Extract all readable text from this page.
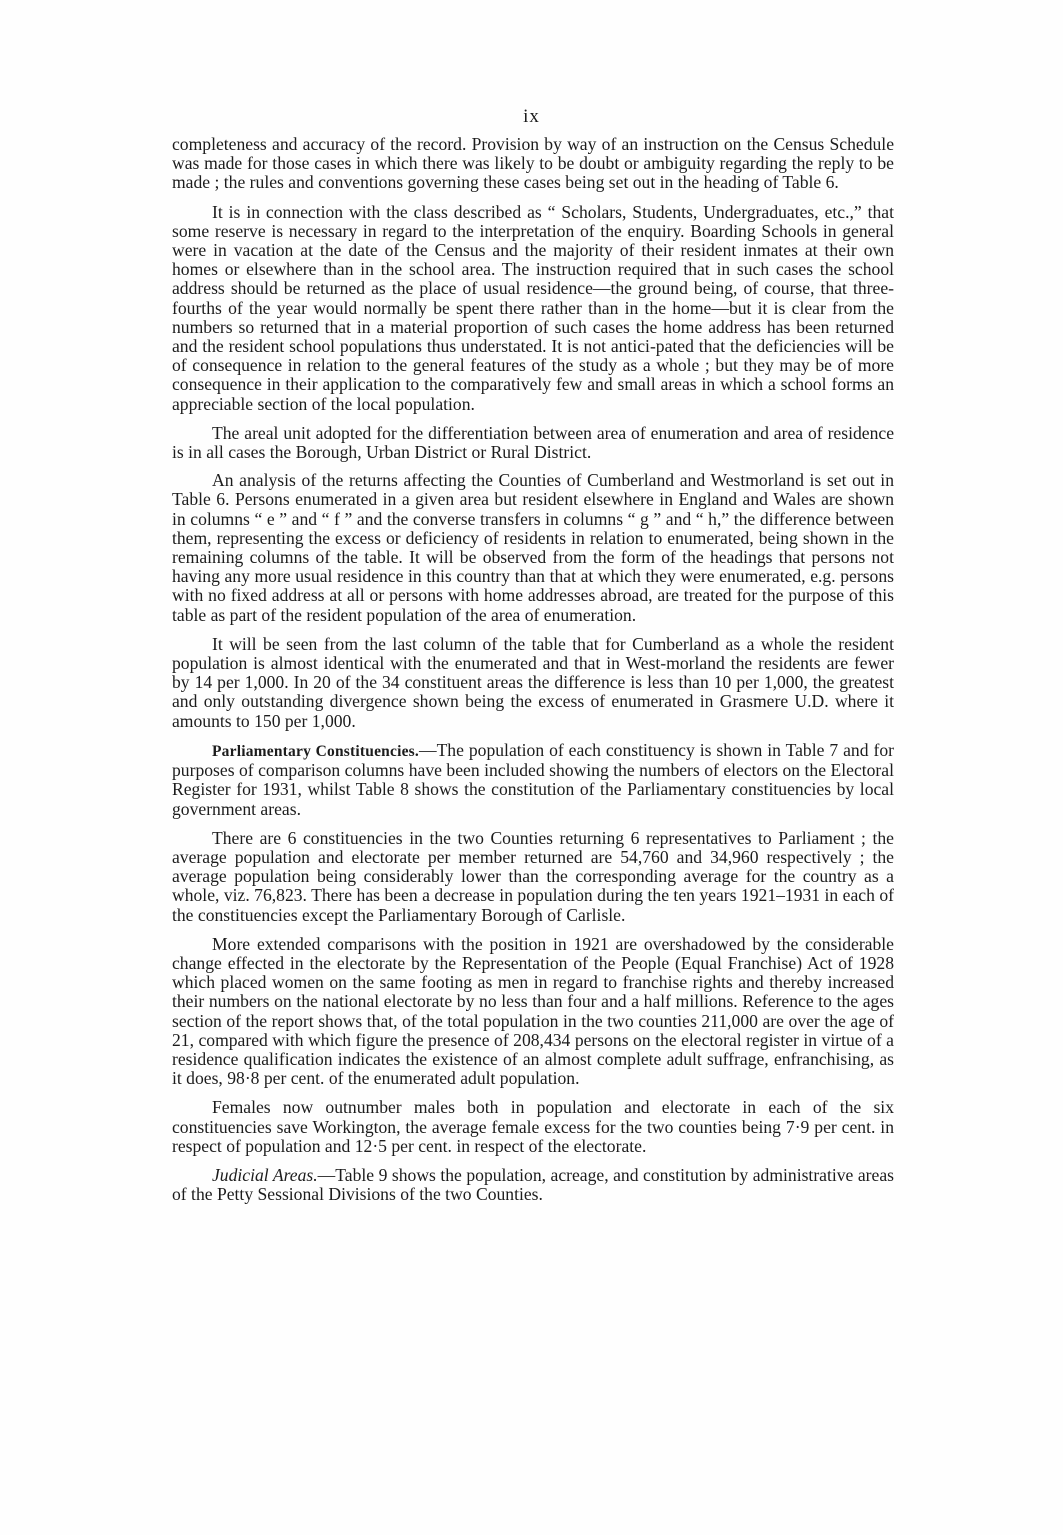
ix

completeness and accuracy of the record. Provision by way of an instruction on the Census Schedule was made for those cases in which there was likely to be doubt or ambiguity regarding the reply to be made ; the rules and conventions governing these cases being set out in the heading of Table 6.

It is in connection with the class described as “ Scholars, Students, Undergraduates, etc.,” that some reserve is necessary in regard to the interpretation of the enquiry. Boarding Schools in general were in vacation at the date of the Census and the majority of their resident inmates at their own homes or elsewhere than in the school area. The instruction required that in such cases the school address should be returned as the place of usual residence—the ground being, of course, that three-fourths of the year would normally be spent there rather than in the home—but it is clear from the numbers so returned that in a material proportion of such cases the home address has been returned and the resident school populations thus understated. It is not antici-pated that the deficiencies will be of consequence in relation to the general features of the study as a whole ; but they may be of more consequence in their application to the comparatively few and small areas in which a school forms an appreciable section of the local population.

The areal unit adopted for the differentiation between area of enumeration and area of residence is in all cases the Borough, Urban District or Rural District.

An analysis of the returns affecting the Counties of Cumberland and Westmorland is set out in Table 6. Persons enumerated in a given area but resident elsewhere in England and Wales are shown in columns “ e ” and “ f ” and the converse transfers in columns “ g ” and “ h,” the difference between them, representing the excess or deficiency of residents in relation to enumerated, being shown in the remaining columns of the table. It will be observed from the form of the headings that persons not having any more usual residence in this country than that at which they were enumerated, e.g. persons with no fixed address at all or persons with home addresses abroad, are treated for the purpose of this table as part of the resident population of the area of enumeration.

It will be seen from the last column of the table that for Cumberland as a whole the resident population is almost identical with the enumerated and that in West-morland the residents are fewer by 14 per 1,000. In 20 of the 34 constituent areas the difference is less than 10 per 1,000, the greatest and only outstanding divergence shown being the excess of enumerated in Grasmere U.D. where it amounts to 150 per 1,000.

Parliamentary Constituencies.—The population of each constituency is shown in Table 7 and for purposes of comparison columns have been included showing the numbers of electors on the Electoral Register for 1931, whilst Table 8 shows the constitution of the Parliamentary constituencies by local government areas.

There are 6 constituencies in the two Counties returning 6 representatives to Parliament ; the average population and electorate per member returned are 54,760 and 34,960 respectively ; the average population being considerably lower than the corresponding average for the country as a whole, viz. 76,823. There has been a decrease in population during the ten years 1921–1931 in each of the constituencies except the Parliamentary Borough of Carlisle.

More extended comparisons with the position in 1921 are overshadowed by the considerable change effected in the electorate by the Representation of the People (Equal Franchise) Act of 1928 which placed women on the same footing as men in regard to franchise rights and thereby increased their numbers on the national electorate by no less than four and a half millions. Reference to the ages section of the report shows that, of the total population in the two counties 211,000 are over the age of 21, compared with which figure the presence of 208,434 persons on the electoral register in virtue of a residence qualification indicates the existence of an almost complete adult suffrage, enfranchising, as it does, 98·8 per cent. of the enumerated adult population.

Females now outnumber males both in population and electorate in each of the six constituencies save Workington, the average female excess for the two counties being 7·9 per cent. in respect of population and 12·5 per cent. in respect of the electorate.

Judicial Areas.—Table 9 shows the population, acreage, and constitution by administrative areas of the Petty Sessional Divisions of the two Counties.
